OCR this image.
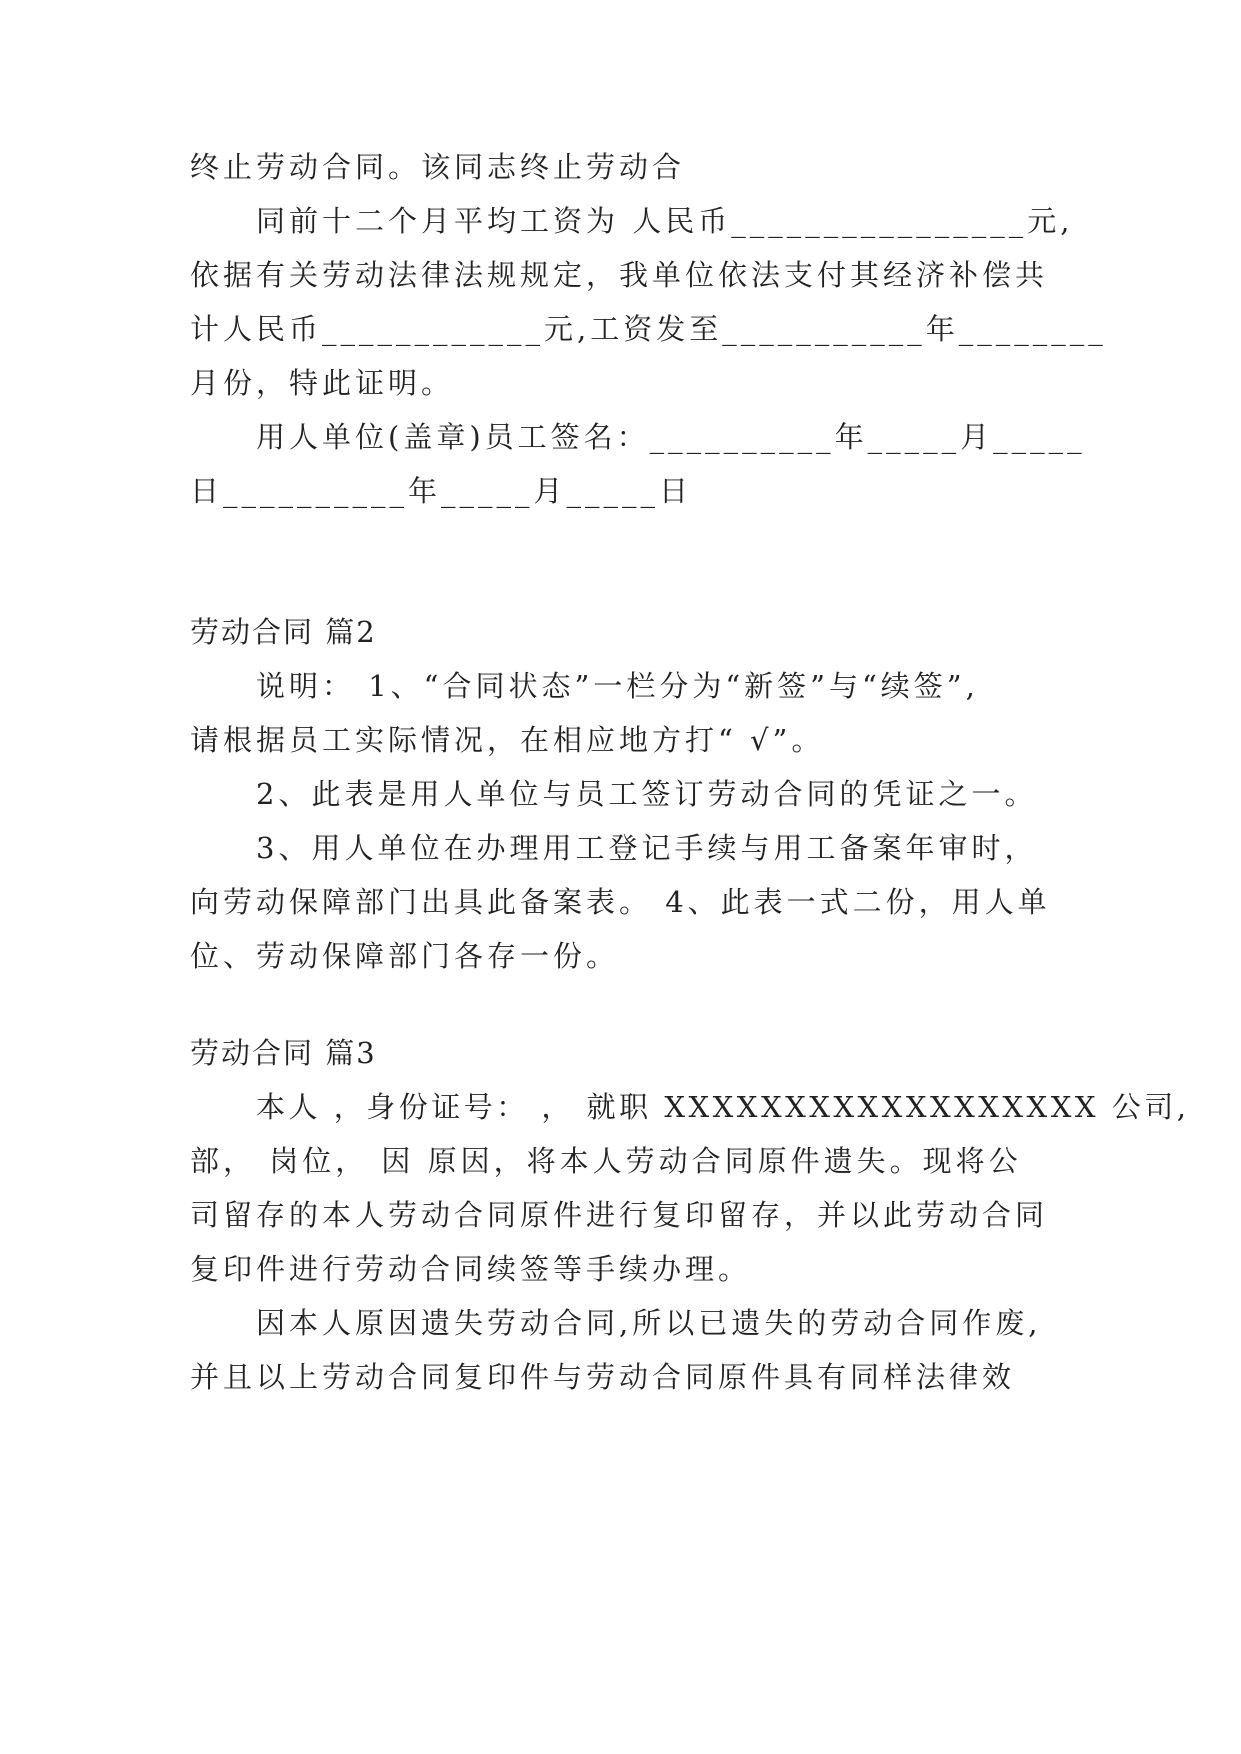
终止劳动合同。该同志终止劳动合
同前十二个月平均工资为 人民币________________元,
依据有关劳动法律法规规定，我单位依法支付其经济补偿共
计人民币____________元,工资发至___________年________
月份，特此证明。
用人单位(盖章)员工签名：__________年_____月_____
日__________年_____月_____日
劳动合同 篇2
说明： 1、“合同状态”一栏分为“新签”与“续签”,
请根据员工实际情况，在相应地方打“ √”。
2、此表是用人单位与员工签订劳动合同的凭证之一。
3、用人单位在办理用工登记手续与用工备案年审时，
向劳动保障部门出具此备案表。 4、此表一式二份，用人单
位、劳动保障部门各存一份。
劳动合同 篇3
本人 ，身份证号： ， 就职 XXXXXXXXXXXXXXXXXX 公司,
部， 岗位， 因 原因，将本人劳动合同原件遗失。现将公
司留存的本人劳动合同原件进行复印留存，并以此劳动合同
复印件进行劳动合同续签等手续办理。
因本人原因遗失劳动合同,所以已遗失的劳动合同作废,
并且以上劳动合同复印件与劳动合同原件具有同样法律效
